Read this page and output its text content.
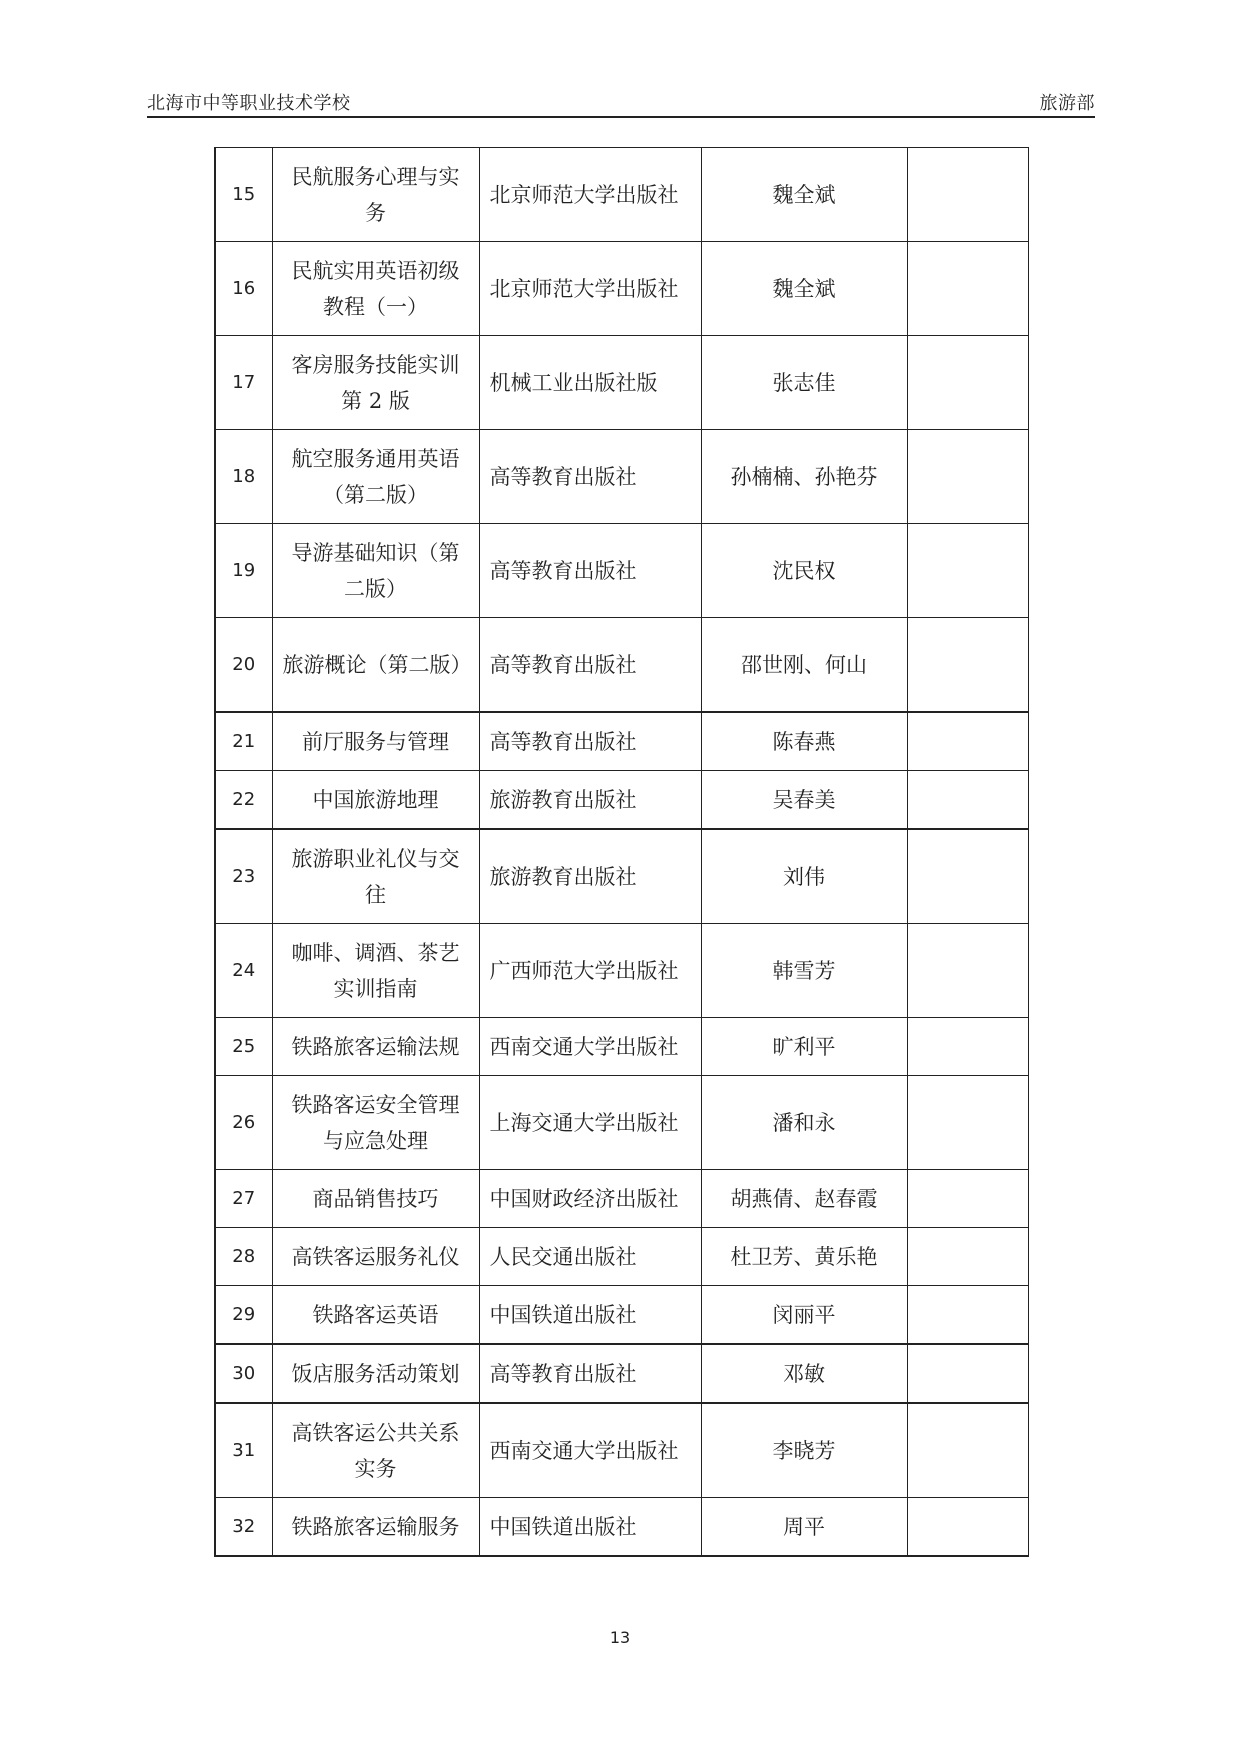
北海市中等职业技术学校	旅游部
15	民航服务心理与实务	北京师范大学出版社	魏全斌	
16	民航实用英语初级教程（一）	北京师范大学出版社	魏全斌	
17	客房服务技能实训第 2 版	机械工业出版社版	张志佳	
18	航空服务通用英语（第二版）	高等教育出版社	孙楠楠、孙艳芬	
19	导游基础知识（第二版）	高等教育出版社	沈民权	
20	旅游概论（第二版）	高等教育出版社	邵世刚、何山	
21	前厅服务与管理	高等教育出版社	陈春燕	
22	中国旅游地理	旅游教育出版社	吴春美	
23	旅游职业礼仪与交往	旅游教育出版社	刘伟	
24	咖啡、调酒、茶艺实训指南	广西师范大学出版社	韩雪芳	
25	铁路旅客运输法规	西南交通大学出版社	旷利平	
26	铁路客运安全管理与应急处理	上海交通大学出版社	潘和永	
27	商品销售技巧	中国财政经济出版社	胡燕倩、赵春霞	
28	高铁客运服务礼仪	人民交通出版社	杜卫芳、黄乐艳	
29	铁路客运英语	中国铁道出版社	闵丽平	
30	饭店服务活动策划	高等教育出版社	邓敏	
31	高铁客运公共关系实务	西南交通大学出版社	李晓芳	
32	铁路旅客运输服务	中国铁道出版社	周平	
13
